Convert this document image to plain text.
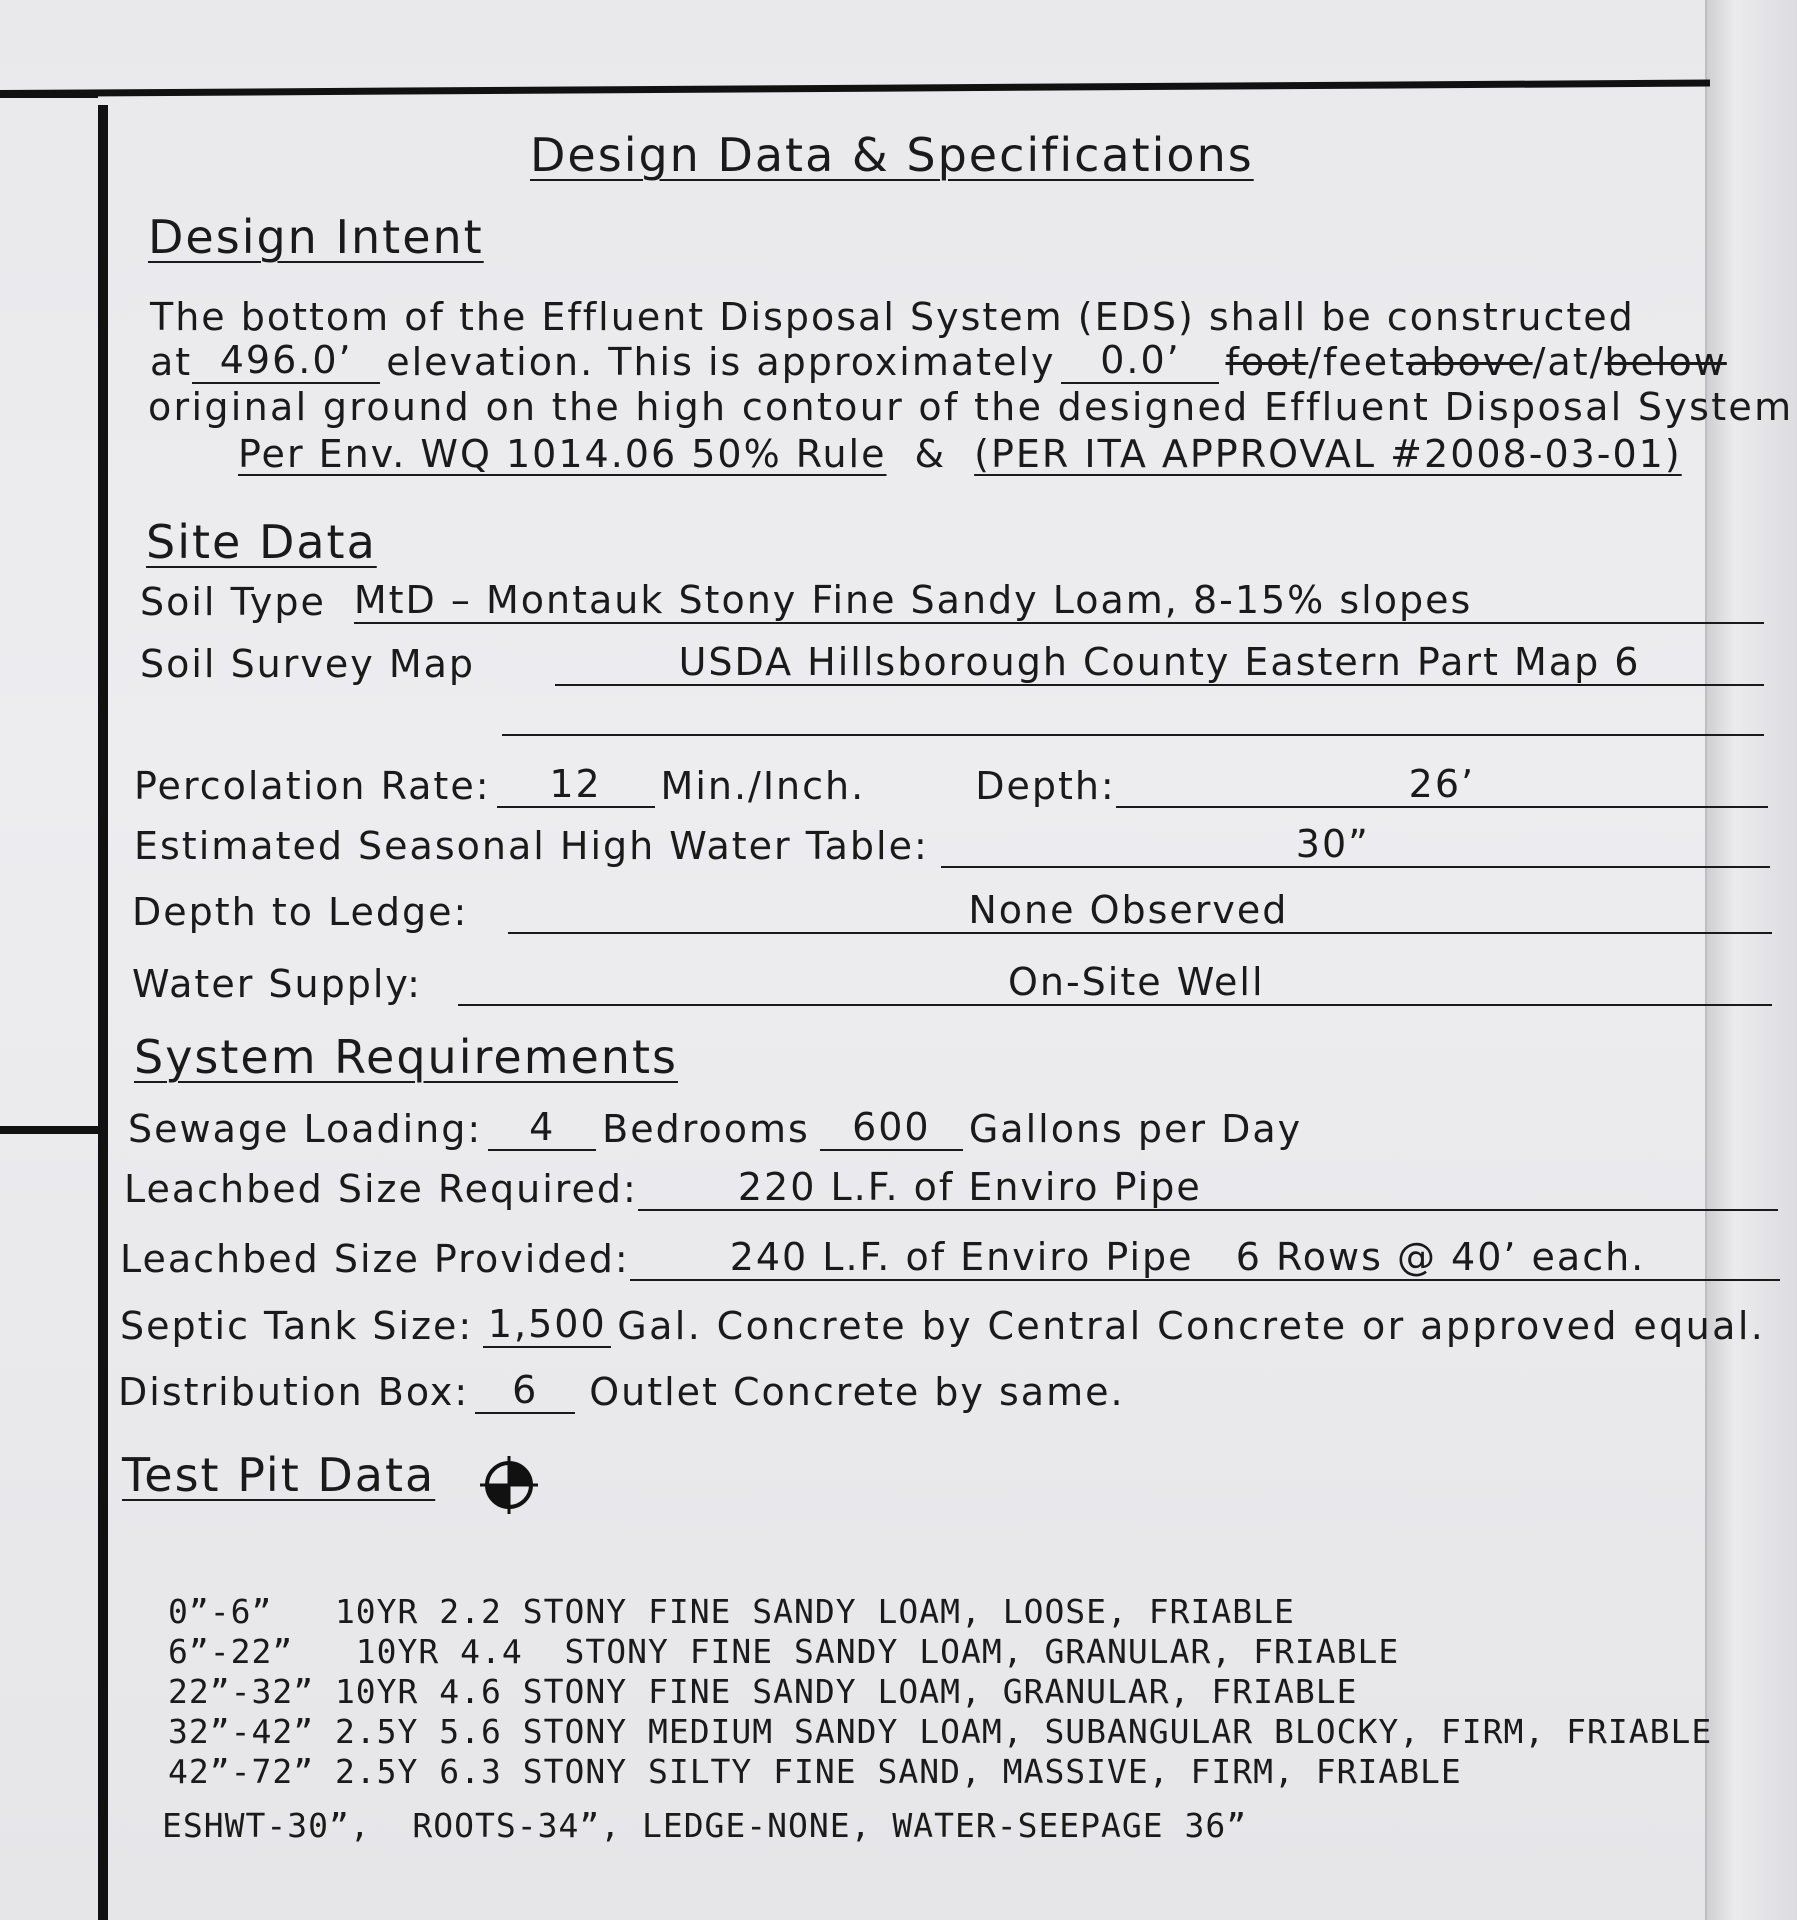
Design Data & Specifications
Design Intent
The bottom of the Effluent Disposal System (EDS) shall be constructed
at 496.0’ elevation. This is approximately	0.0’	foot /feet above /at/ below
original ground on the high contour of the designed Effluent Disposal System
Per Env. WQ 1014.06 50% Rule & (PER ITA APPROVAL #2008-03-01)
Site Data
Soil Type MtD – Montauk Stony Fine Sandy Loam, 8-15% slopes
Soil Survey Map	USDA Hillsborough County Eastern Part Map 6
Percolation Rate:	12	Min./Inch.	Depth:	26’
Estimated Seasonal High Water Table:	30”
Depth to Ledge:	None Observed
Water Supply:	On-Site Well
System Requirements
Sewage Loading:	4	Bedrooms	600	Gallons per Day
Leachbed Size Required:	220 L.F. of Enviro Pipe
Leachbed Size Provided:	240 L.F. of Enviro Pipe   6 Rows @ 40’ each.
Septic Tank Size: 1,500 Gal. Concrete by Central Concrete or approved equal.
Distribution Box:	6	Outlet Concrete by same.
Test Pit Data
0”-6”   10YR 2.2 STONY FINE SANDY LOAM, LOOSE, FRIABLE
6”-22”   10YR 4.4  STONY FINE SANDY LOAM, GRANULAR, FRIABLE
22”-32” 10YR 4.6 STONY FINE SANDY LOAM, GRANULAR, FRIABLE
32”-42” 2.5Y 5.6 STONY MEDIUM SANDY LOAM, SUBANGULAR BLOCKY, FIRM, FRIABLE
42”-72” 2.5Y 6.3 STONY SILTY FINE SAND, MASSIVE, FIRM, FRIABLE
ESHWT-30”,  ROOTS-34”, LEDGE-NONE, WATER-SEEPAGE 36”
